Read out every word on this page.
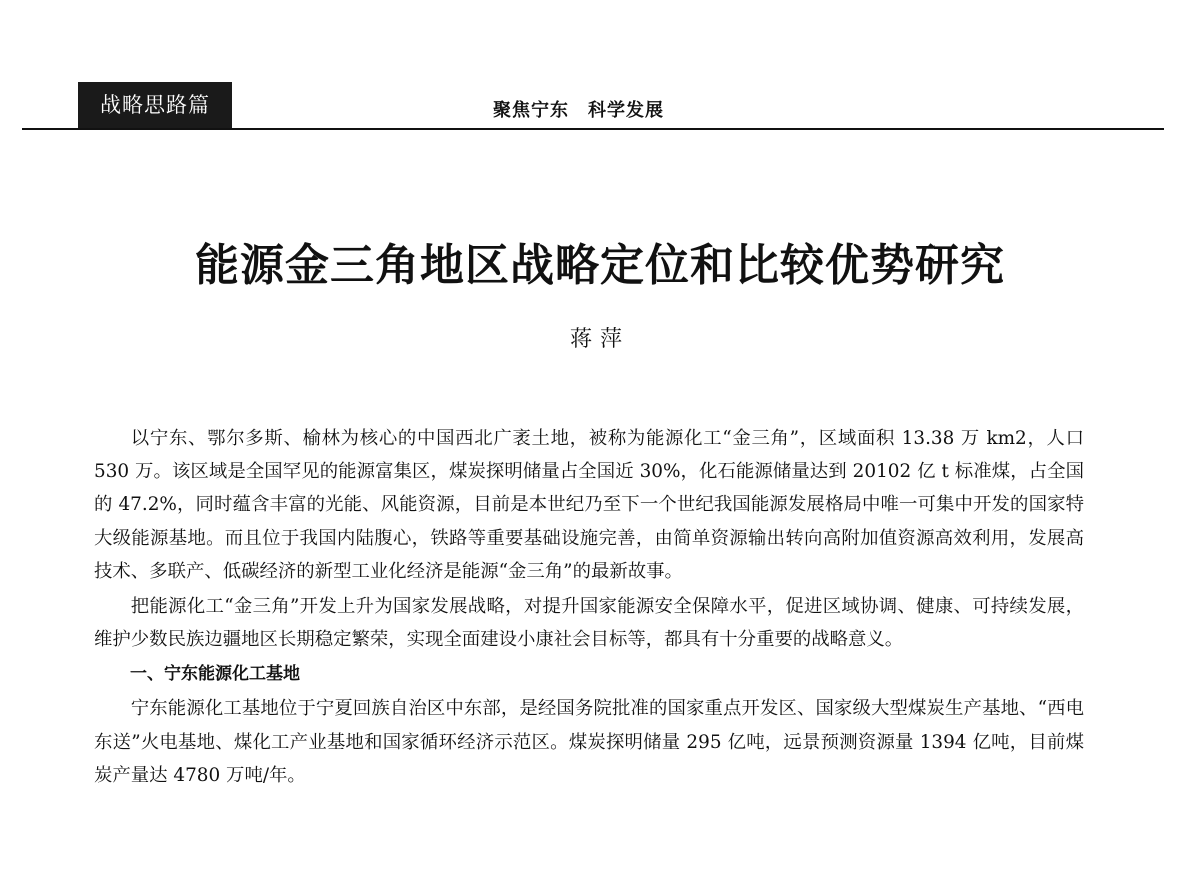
战略思路篇	聚焦宁东　科学发展
能源金三角地区战略定位和比较优势研究
蒋萍

以宁东、鄂尔多斯、榆林为核心的中国西北广袤土地，被称为能源化工“金三角”，区域面积 13.38 万 km2，人口 530 万。该区域是全国罕见的能源富集区，煤炭探明储量占全国近 30%，化石能源储量达到 20102 亿 t 标准煤，占全国的 47.2%，同时蕴含丰富的光能、风能资源，目前是本世纪乃至下一个世纪我国能源发展格局中唯一可集中开发的国家特大级能源基地。而且位于我国内陆腹心，铁路等重要基础设施完善，由简单资源输出转向高附加值资源高效利用，发展高技术、多联产、低碳经济的新型工业化经济是能源“金三角”的最新故事。

把能源化工“金三角”开发上升为国家发展战略，对提升国家能源安全保障水平，促进区域协调、健康、可持续发展，维护少数民族边疆地区长期稳定繁荣，实现全面建设小康社会目标等，都具有十分重要的战略意义。

一、宁东能源化工基地

宁东能源化工基地位于宁夏回族自治区中东部，是经国务院批准的国家重点开发区、国家级大型煤炭生产基地、“西电东送”火电基地、煤化工产业基地和国家循环经济示范区。煤炭探明储量 295 亿吨，远景预测资源量 1394 亿吨，目前煤炭产量达 4780 万吨/年。
